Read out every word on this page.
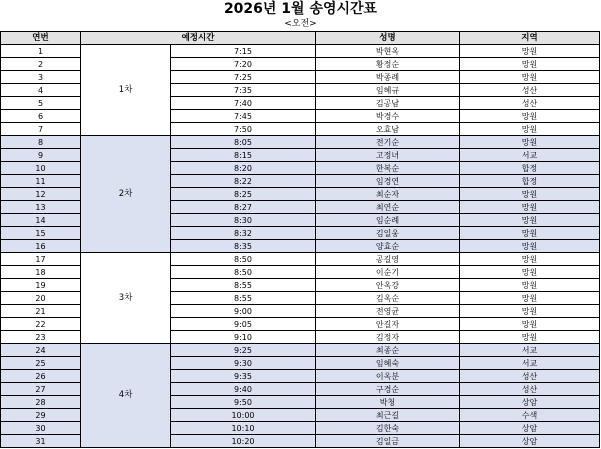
2026년 1월 송영시간표
<오전>
연번	예정시간		성명	지역
1	1차	7:15	박현옥	망원
2		7:20	황정순	망원
3		7:25	박종례	망원
4		7:35	임혜규	성산
5		7:40	김공남	성산
6		7:45	박경수	망원
7		7:50	오효남	망원
8	2차	8:05	전기순	망원
9		8:15	고정녀	서교
10		8:20	한복순	합정
11		8:22	임경연	합정
12		8:25	최순자	망원
13		8:27	최연순	망원
14		8:30	임순례	망원
15		8:32	김일웅	망원
16		8:35	양효순	망원
17	3차	8:50	공길영	망원
18		8:50	이순기	망원
19		8:55	안옥강	망원
20		8:55	김옥순	망원
21		9:00	전영균	망원
22		9:05	안길자	망원
23		9:10	김정자	망원
24	4차	9:25	최종순	서교
25		9:30	임혜숙	서교
26		9:35	이옥분	성산
27		9:40	구경순	성산
28		9:50	박청	상암
29		10:00	최근길	수색
30		10:10	김한숙	상암
31		10:20	김일금	상암
